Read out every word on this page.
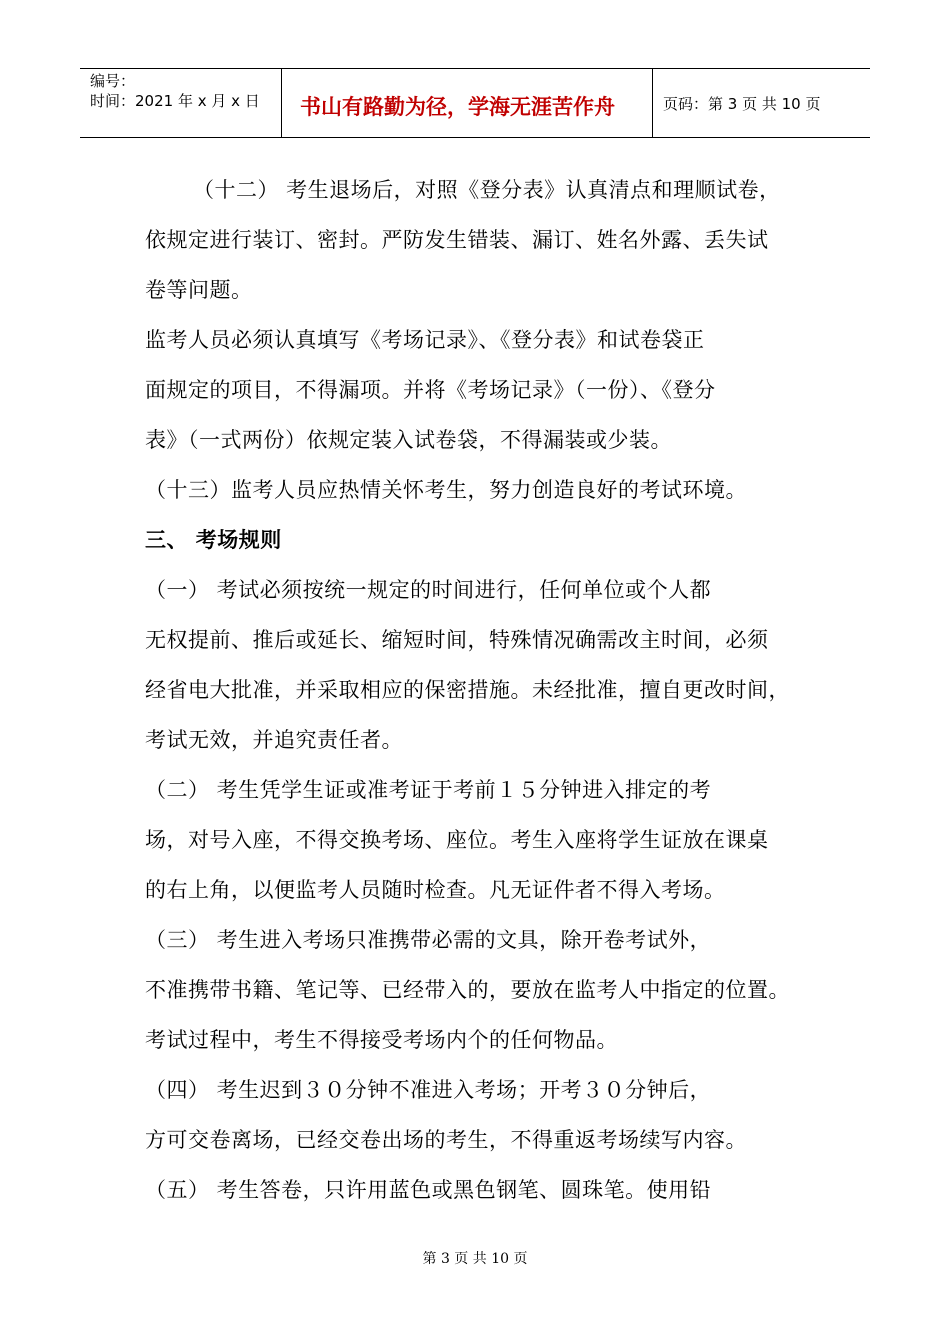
编号：
时间：2021 年 x 月 x 日 书山有路勤为径，学海无涯苦作舟	页码：第 3 页 共 10 页
（十二） 考生退场后，对照《登分表》认真清点和理顺试卷，
依规定进行装订、密封。严防发生错装、漏订、姓名外露、丢失试
卷等问题。
监考人员必须认真填写《考场记录》、《登分表》和试卷袋正
面规定的项目，不得漏项。并将《考场记录》（一份）、《登分
表》（一式两份）依规定装入试卷袋，不得漏装或少装。
（十三）监考人员应热情关怀考生，努力创造良好的考试环境。
三、 考场规则
（一） 考试必须按统一规定的时间进行，任何单位或个人都
无权提前、推后或延长、缩短时间，特殊情况确需改主时间，必须
经省电大批准，并采取相应的保密措施。未经批准，擅自更改时间，
考试无效，并追究责任者。
（二） 考生凭学生证或准考证于考前１５分钟进入排定的考
场，对号入座，不得交换考场、座位。考生入座将学生证放在课桌
的右上角，以便监考人员随时检查。凡无证件者不得入考场。
（三） 考生进入考场只准携带必需的文具，除开卷考试外，
不准携带书籍、笔记等、已经带入的，要放在监考人中指定的位置。
考试过程中，考生不得接受考场内个的任何物品。
（四） 考生迟到３０分钟不准进入考场；开考３０分钟后，
方可交卷离场，已经交卷出场的考生，不得重返考场续写内容。
（五） 考生答卷，只许用蓝色或黑色钢笔、圆珠笔。使用铅
第 3 页 共 10 页
